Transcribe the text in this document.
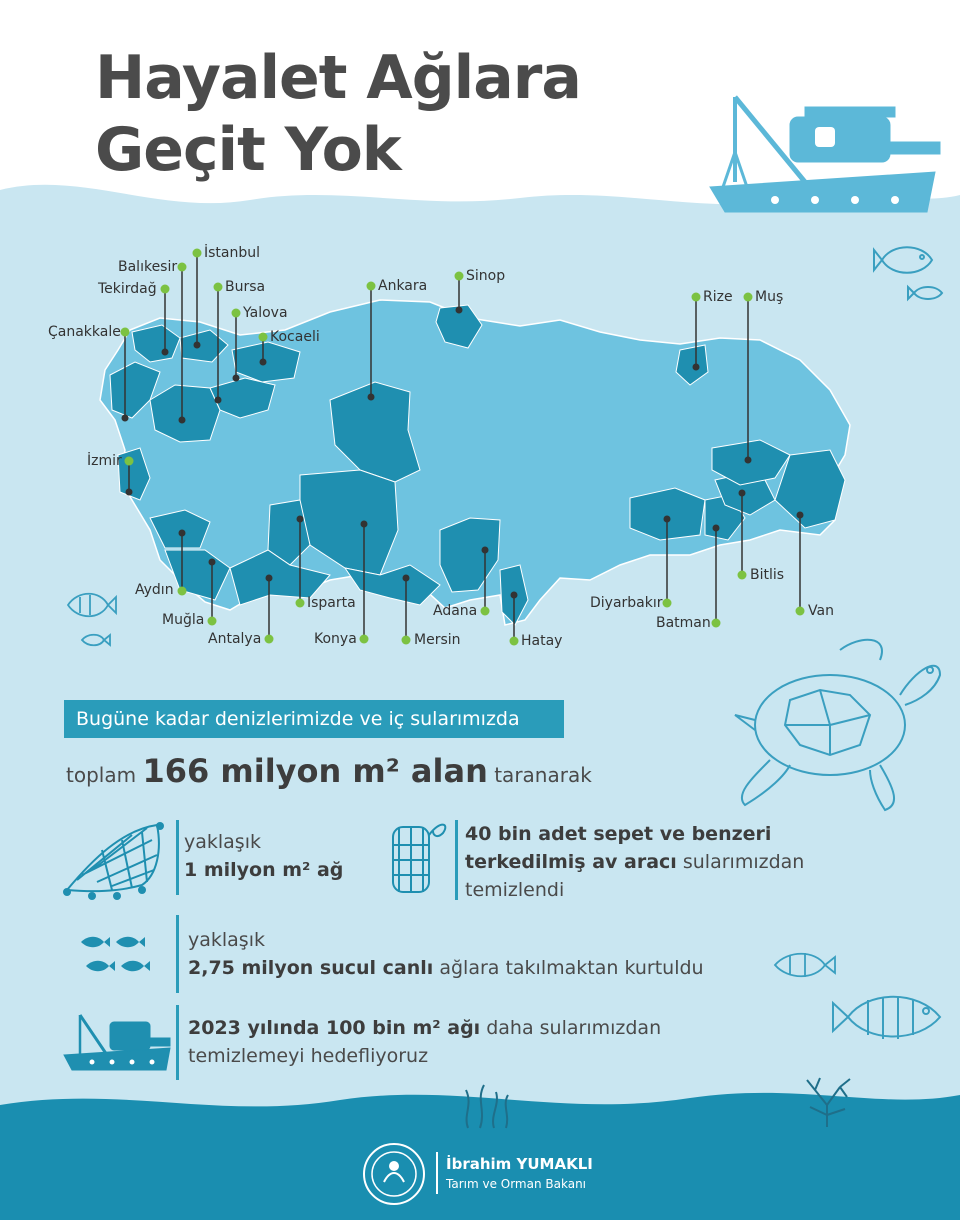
Hayalet Ağlara
Geçit Yok
İstanbul
Balıkesir
Tekirdağ	Bursa
Yalova
Kocaeli
Çanakkale
Ankara
Sinop
Rize Muş
İzmir
Aydın
Muğla
Antalya
Isparta
Konya	Mersin
Adana
Hatay
Diyarbakır
Batman
Bitlis
Van
Bugüne kadar denizlerimizde ve iç sularımızda
toplam 166 milyon m² alan taranarak
yaklaşık
1 milyon m² ağ
40 bin adet sepet ve benzeri
terkedilmiş av aracı sularımızdan
temizlendi
yaklaşık
2,75 milyon sucul canlı ağlara takılmaktan kurtuldu
2023 yılında 100 bin m² ağı daha sularımızdan
temizlemeyi hedefliyoruz
İbrahim YUMAKLI
Tarım ve Orman Bakanı
